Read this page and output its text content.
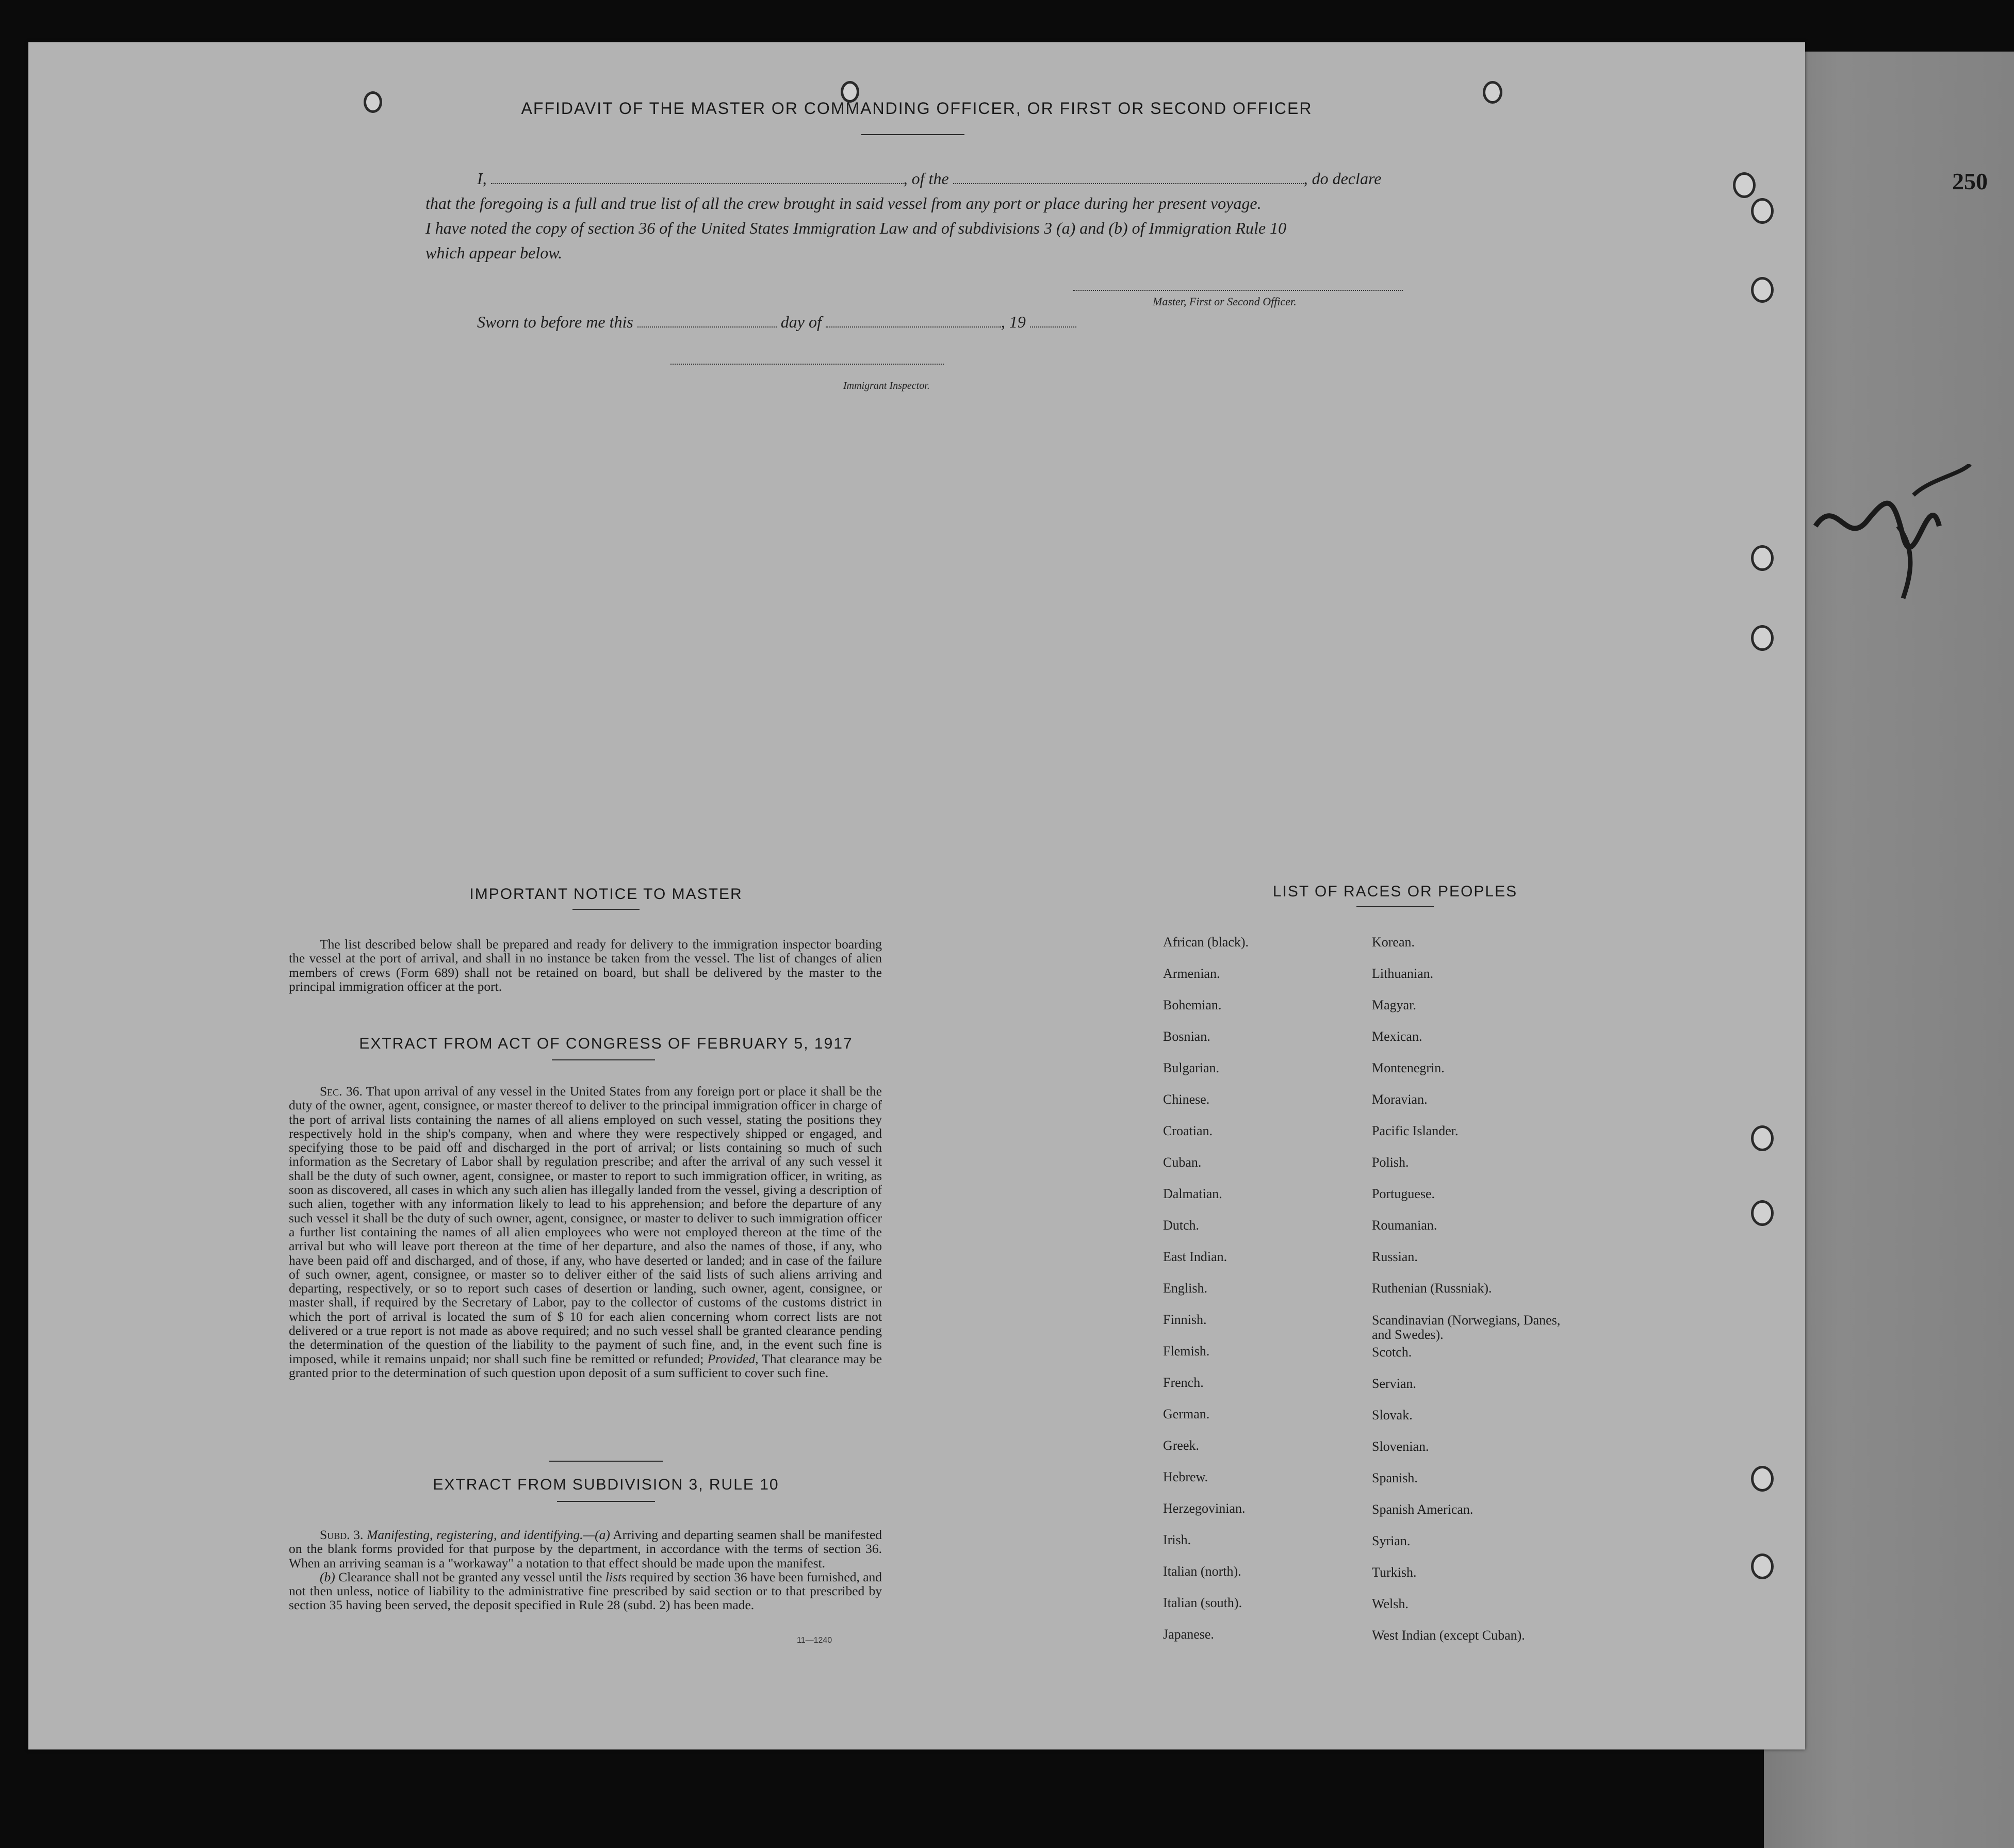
250
AFFIDAVIT OF THE MASTER OR COMMANDING OFFICER, OR FIRST OR SECOND OFFICER
I,	, of the	, do declare
that the foregoing is a full and true list of all the crew brought in said vessel from any port or place during her present voyage.
I have noted the copy of section 36 of the United States Immigration Law and of subdivisions 3 (a) and (b) of Immigration Rule 10
which appear below.
Master, First or Second Officer.
Sworn to before me this	day of	, 19
Immigrant Inspector.

IMPORTANT NOTICE TO MASTER

The list described below shall be prepared and ready for delivery to the immigration inspector boarding the vessel at the port of arrival, and shall in no instance be taken from the vessel. The list of changes of alien members of crews (Form 689) shall not be retained on board, but shall be delivered by the master to the principal immigration officer at the port.

EXTRACT FROM ACT OF CONGRESS OF FEBRUARY 5, 1917

Sec. 36. That upon arrival of any vessel in the United States from any foreign port or place it shall be the duty of the owner, agent, consignee, or master thereof to deliver to the principal immigration officer in charge of the port of arrival lists containing the names of all aliens employed on such vessel, stating the positions they respectively hold in the ship's company, when and where they were respectively shipped or engaged, and specifying those to be paid off and discharged in the port of arrival; or lists containing so much of such information as the Secretary of Labor shall by regulation prescribe; and after the arrival of any such vessel it shall be the duty of such owner, agent, consignee, or master to report to such immigration officer, in writing, as soon as discovered, all cases in which any such alien has illegally landed from the vessel, giving a description of such alien, together with any information likely to lead to his apprehension; and before the departure of any such vessel it shall be the duty of such owner, agent, consignee, or master to deliver to such immigration officer a further list containing the names of all alien employees who were not employed thereon at the time of the arrival but who will leave port thereon at the time of her departure, and also the names of those, if any, who have been paid off and discharged, and of those, if any, who have deserted or landed; and in case of the failure of such owner, agent, consignee, or master so to deliver either of the said lists of such aliens arriving and departing, respectively, or so to report such cases of desertion or landing, such owner, agent, consignee, or master shall, if required by the Secretary of Labor, pay to the collector of customs of the customs district in which the port of arrival is located the sum of $ 10 for each alien concerning whom correct lists are not delivered or a true report is not made as above required; and no such vessel shall be granted clearance pending the determination of the question of the liability to the payment of such fine, and, in the event such fine is imposed, while it remains unpaid; nor shall such fine be remitted or refunded; Provided, That clearance may be granted prior to the determination of such question upon deposit of a sum sufficient to cover such fine.

EXTRACT FROM SUBDIVISION 3, RULE 10

Subd. 3. Manifesting, registering, and identifying.—(a) Arriving and departing seamen shall be manifested on the blank forms provided for that purpose by the department, in accordance with the terms of section 36. When an arriving seaman is a "workaway" a notation to that effect should be made upon the manifest.

(b) Clearance shall not be granted any vessel until the lists required by section 36 have been furnished, and not then unless, notice of liability to the administrative fine prescribed by said section or to that prescribed by section 35 having been served, the deposit specified in Rule 28 (subd. 2) has been made.

11—1240
LIST OF RACES OR PEOPLES
African (black).
Armenian.
Bohemian.
Bosnian.
Bulgarian.
Chinese.
Croatian.
Cuban.
Dalmatian.
Dutch.
East Indian.
English.
Finnish.
Flemish.
French.
German.
Greek.
Hebrew.
Herzegovinian.
Irish.
Italian (north).
Italian (south).
Japanese.
Korean.
Lithuanian.
Magyar.
Mexican.
Montenegrin.
Moravian.
Pacific Islander.
Polish.
Portuguese.
Roumanian.
Russian.
Ruthenian (Russniak).
Scandinavian (Norwegians, Danes, and Swedes).
Scotch.
Servian.
Slovak.
Slovenian.
Spanish.
Spanish American.
Syrian.
Turkish.
Welsh.
West Indian (except Cuban).
